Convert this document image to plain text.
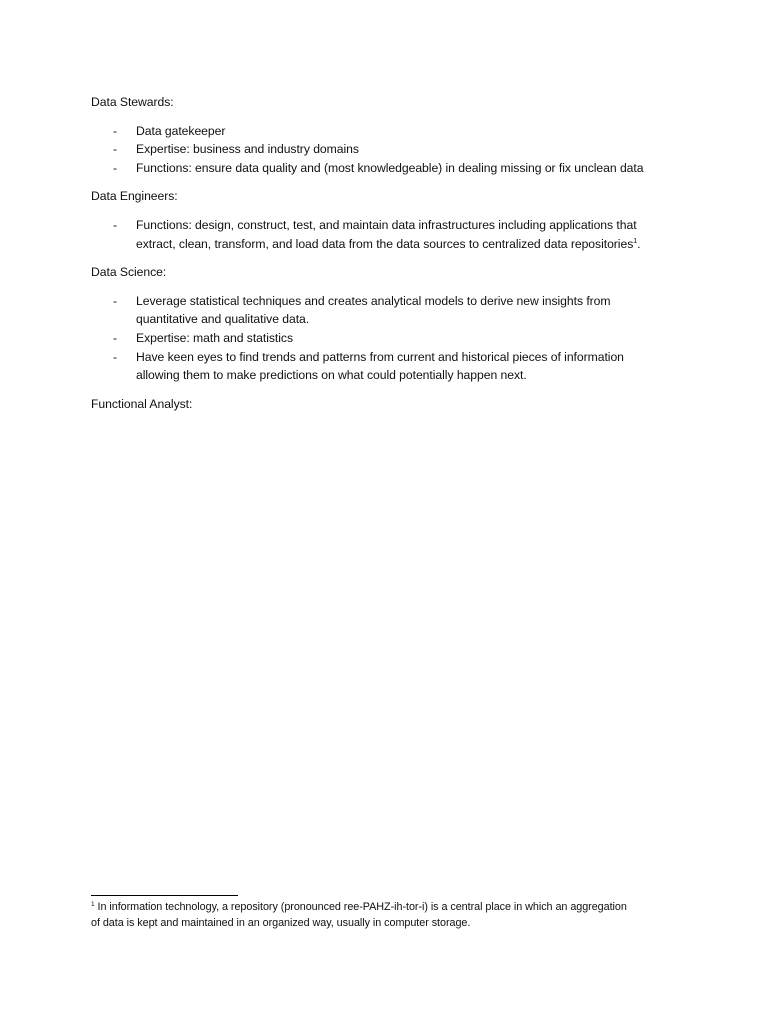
Data Stewards:
- Data gatekeeper
- Expertise: business and industry domains
- Functions: ensure data quality and (most knowledgeable) in dealing missing or fix unclean data
Data Engineers:
- Functions: design, construct, test, and maintain data infrastructures including applications that
extract, clean, transform, and load data from the data sources to centralized data repositories$^1$.
Data Science:
- Leverage statistical techniques and creates analytical models to derive new insights from
quantitative and qualitative data.
- Expertise: math and statistics
- Have keen eyes to find trends and patterns from current and historical pieces of information
allowing them to make predictions on what could potentially happen next.
Functional Analyst:
$^1$ In information technology, a repository (pronounced ree-PAHZ-ih-tor-i) is a central place in which an aggregation
of data is kept and maintained in an organized way, usually in computer storage.
